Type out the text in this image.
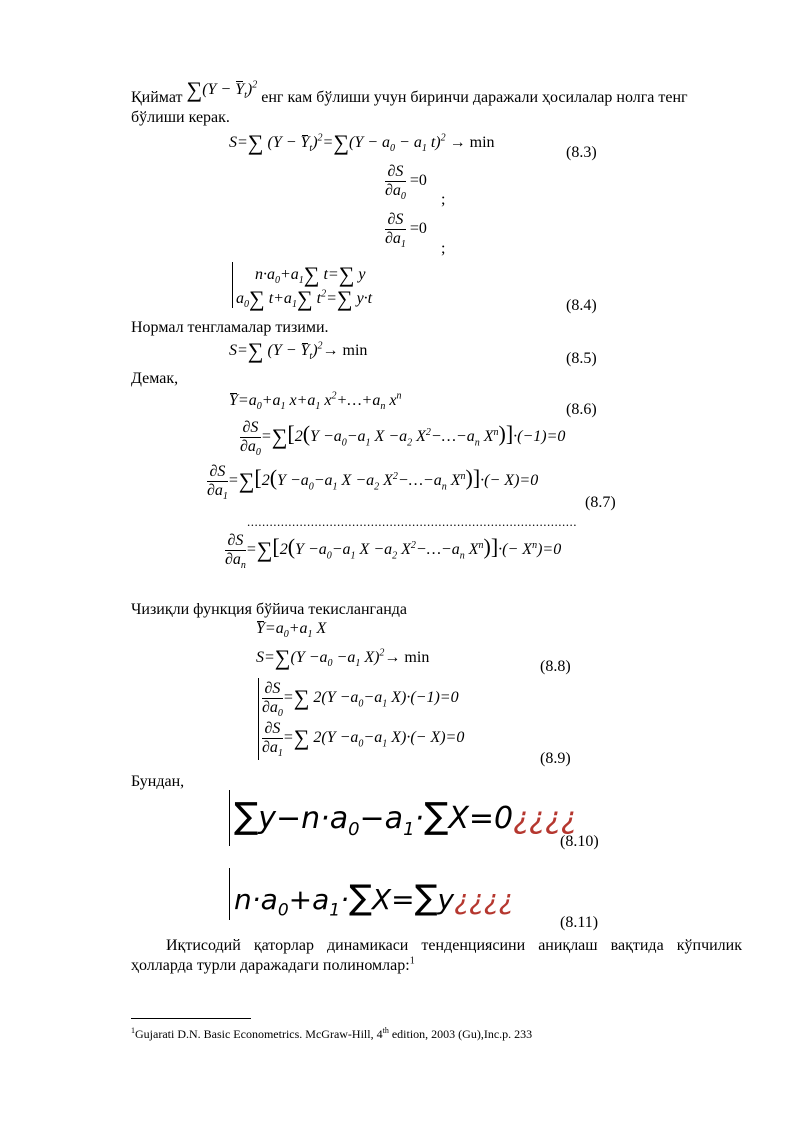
Қиймат $\sum(Y - Y_t)^2$ енг кам бўлиши учун биринчи даражали ҳосилалар нолга тенг
бўлиши керак.
S=∑ $(Y - Y_t)^2=\sum(Y - a_0 - a_1$ t)$^2$ → min
(8.3)
$\frac{\partial S}{\partial a_0} =0$
;
$\frac{\partial S}{\partial a_1} =0$
;
$n\cdot a_0+a_1\sum$ t=∑ y
$a_0\sum$ $t+a_1\sum$ $t^2=\sum$ y·t	(8.4)
Нормал тенгламалар тизими.
S=∑ $(Y - Y_t)^2\to \min$	(8.5)
Демак,
$Y=a_0+a_1$ $x+a_1$ $x^2+\dots+a_n$ $x^n$
(8.6)
$\frac{\partial S}{\partial a_0} =\sum[2(Y -a_0-a_1$ $X -a_2$ $X^2-\dots-a_n$ $X^n)]\cdot(-1)=0$
$\frac{\partial S}{\partial a_1} =\sum[2(Y -a_0-a_1$ $X -a_2$ $X^2-\dots-a_n$ $X^n)]\cdot(- X)=0$
(8.7)
........................................................................................
$\frac{\partial S}{\partial a_n} =\sum[2(Y -a_0-a_1$ $X -a_2$ $X^2-\dots-a_n$ $X^n)]\cdot(- X^n)=0$
Чизиқли функция бўйича текисланганда
$Y=a_0+a_1$ X
$S=\sum(Y -a_0 -a_1$ X)$^2$→ min
(8.8)
$\frac{\partial S}{\partial a_0}$ =∑ $2(Y -a_0-a_1$ X)·(−1)=0
$\frac{\partial S}{\partial a_1}$ =∑ $2(Y -a_0-a_1$ X)·(− X)=0
(8.9)
Бундан,
$\sum y-n\cdot a_0-a_1\cdot\sum X=0¿¿¿¿$
(8.10)
$n\cdot a_0+a_1\cdot\sum X=\sum y¿¿¿¿$
(8.11)
Иқтисодий қаторлар динамикаси тенденциясини аниқлаш вақтида кўпчилик
ҳолларда турли даражадаги полиномлар:$^1$
$^1$Gujarati D.N. Basic Econometrics. McGraw-Hill, 4th edition, 2003 (Gu),Inc.p. 233
